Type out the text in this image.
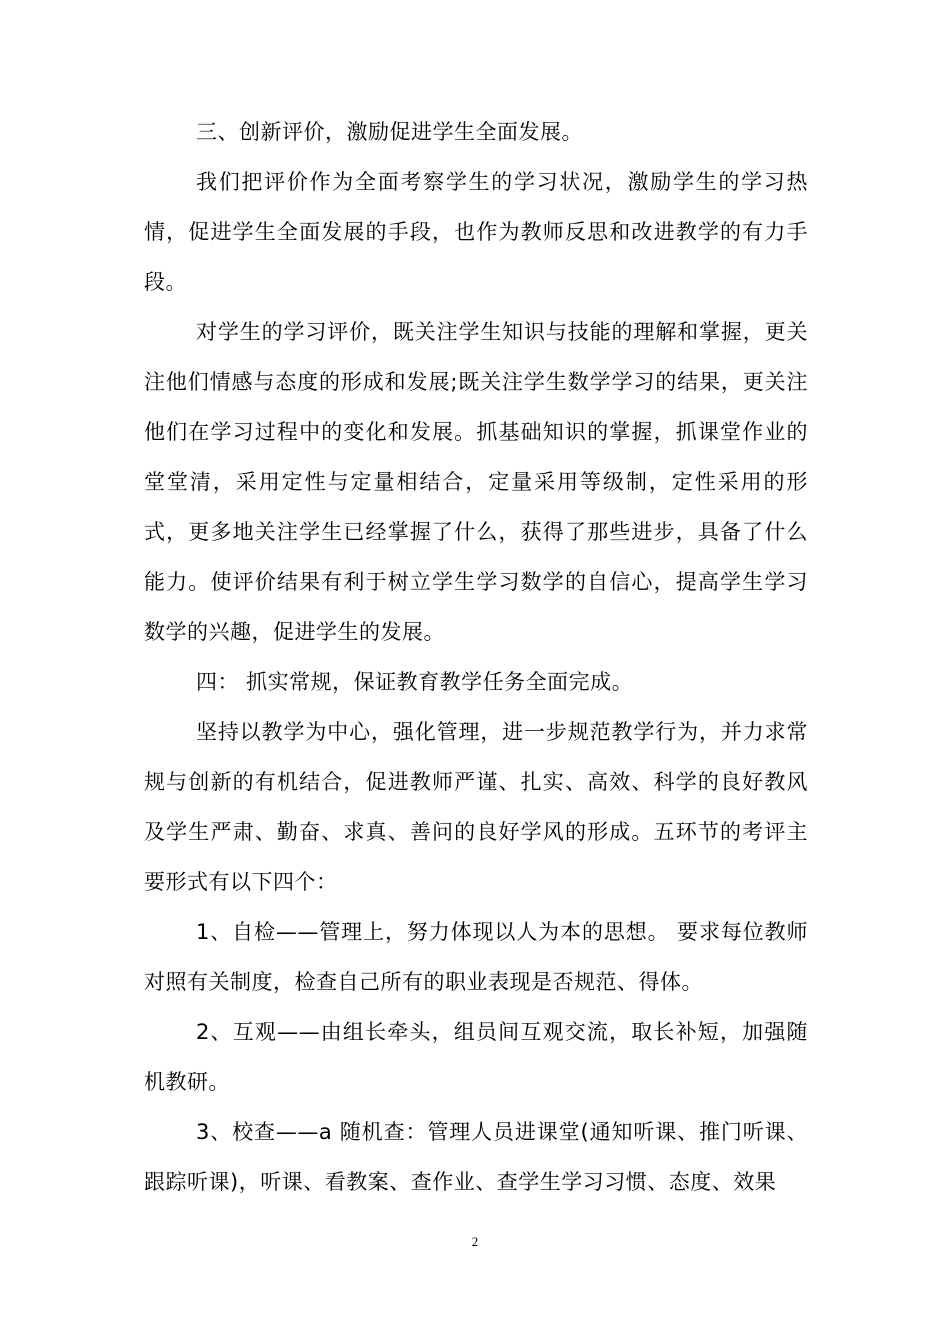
三、创新评价，激励促进学生全面发展。

我们把评价作为全面考察学生的学习状况，激励学生的学习热情，促进学生全面发展的手段，也作为教师反思和改进教学的有力手段。

对学生的学习评价，既关注学生知识与技能的理解和掌握，更关注他们情感与态度的形成和发展;既关注学生数学学习的结果，更关注他们在学习过程中的变化和发展。抓基础知识的掌握，抓课堂作业的堂堂清，采用定性与定量相结合，定量采用等级制，定性采用的形式，更多地关注学生已经掌握了什么，获得了那些进步，具备了什么能力。使评价结果有利于树立学生学习数学的自信心，提高学生学习数学的兴趣，促进学生的发展。

四： 抓实常规，保证教育教学任务全面完成。

坚持以教学为中心，强化管理，进一步规范教学行为，并力求常规与创新的有机结合，促进教师严谨、扎实、高效、科学的良好教风及学生严肃、勤奋、求真、善问的良好学风的形成。五环节的考评主要形式有以下四个：

1、自检——管理上，努力体现以人为本的思想。 要求每位教师对照有关制度，检查自己所有的职业表现是否规范、得体。

2、互观——由组长牵头，组员间互观交流，取长补短，加强随机教研。

3、校查——a 随机查：管理人员进课堂(通知听课、推门听课、跟踪听课)，听课、看教案、查作业、查学生学习习惯、态度、效果

2
